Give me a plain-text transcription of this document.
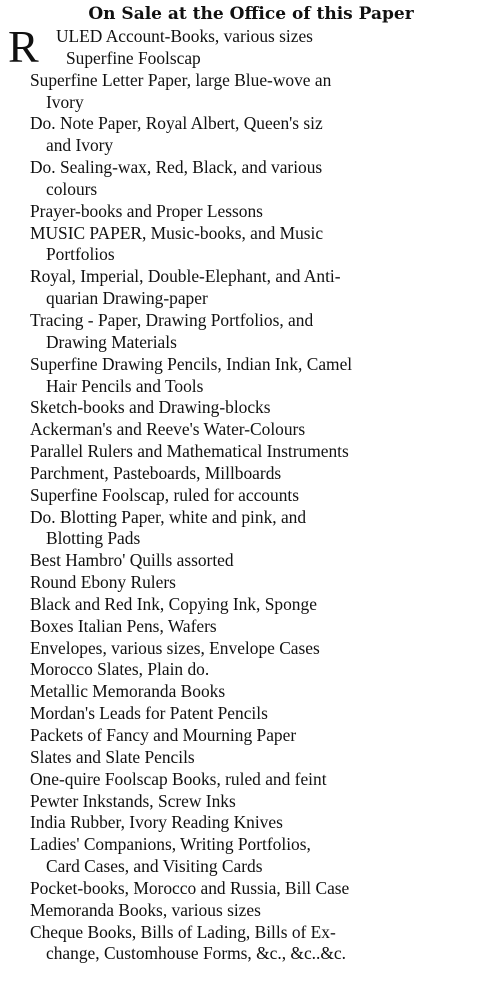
On Sale at the Office of this Paper
R ULED Account-Books, various sizes
Superfine Foolscap
Superfine Letter Paper, large Blue-wove an
Ivory
Do. Note Paper, Royal Albert, Queen's siz
and Ivory
Do. Sealing-wax, Red, Black, and various
colours
Prayer-books and Proper Lessons
MUSIC PAPER, Music-books, and Music
Portfolios
Royal, Imperial, Double-Elephant, and Anti-
quarian Drawing-paper
Tracing - Paper, Drawing Portfolios, and
Drawing Materials
Superfine Drawing Pencils, Indian Ink, Camel
Hair Pencils and Tools
Sketch-books and Drawing-blocks
Ackerman's and Reeve's Water-Colours
Parallel Rulers and Mathematical Instruments
Parchment, Pasteboards, Millboards
Superfine Foolscap, ruled for accounts
Do. Blotting Paper, white and pink, and
Blotting Pads
Best Hambro' Quills assorted
Round Ebony Rulers
Black and Red Ink, Copying Ink, Sponge
Boxes Italian Pens, Wafers
Envelopes, various sizes, Envelope Cases
Morocco Slates, Plain do.
Metallic Memoranda Books
Mordan's Leads for Patent Pencils
Packets of Fancy and Mourning Paper
Slates and Slate Pencils
One-quire Foolscap Books, ruled and feint
Pewter Inkstands, Screw Inks
India Rubber, Ivory Reading Knives
Ladies' Companions, Writing Portfolios,
Card Cases, and Visiting Cards
Pocket-books, Morocco and Russia, Bill Case
Memoranda Books, various sizes
Cheque Books, Bills of Lading, Bills of Ex-
change, Customhouse Forms, &c., &c..&c.
